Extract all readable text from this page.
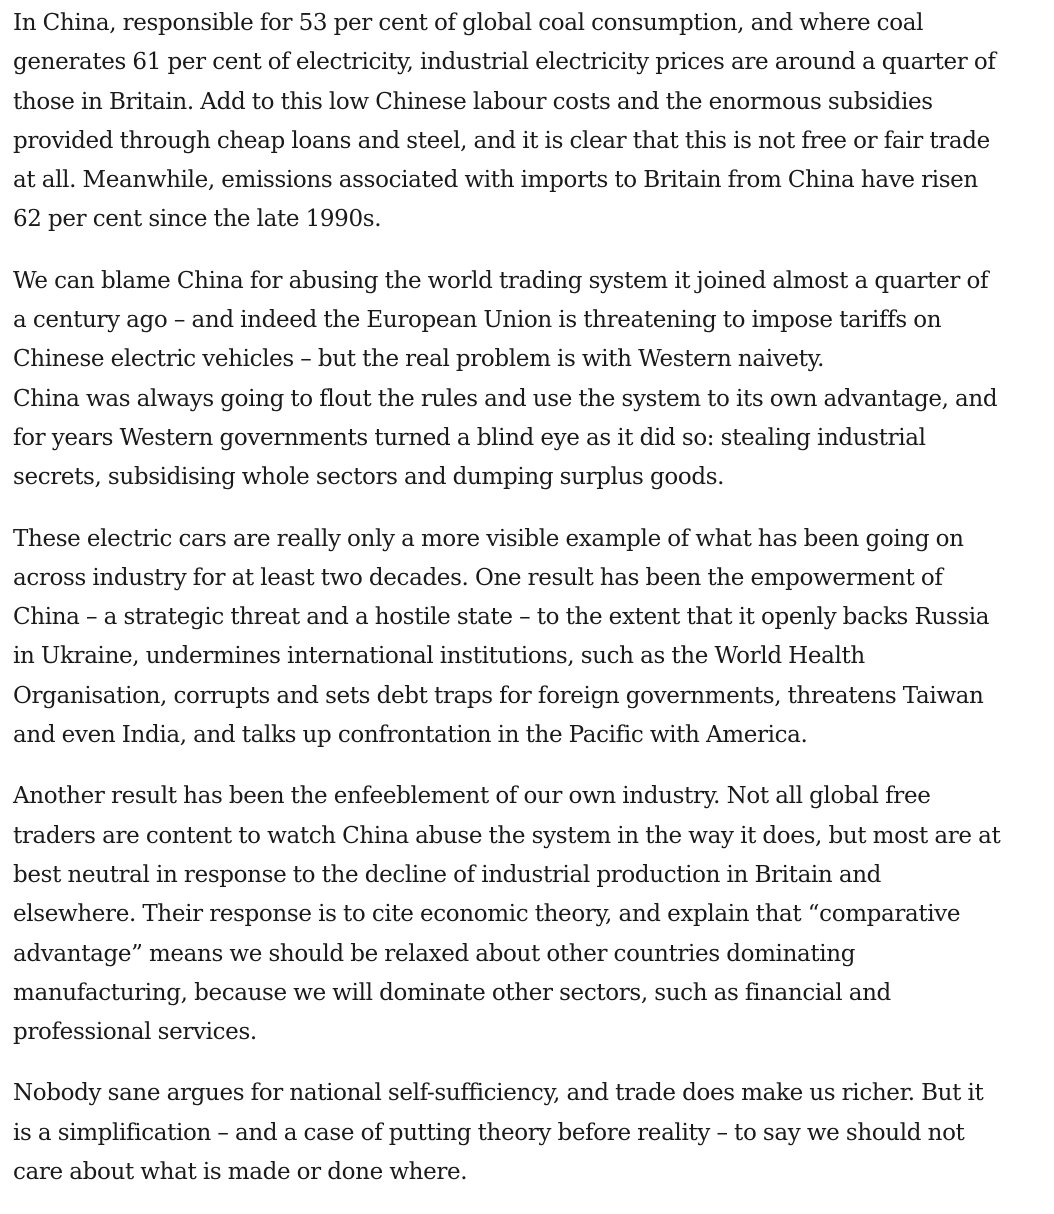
In China, responsible for 53 per cent of global coal consumption, and where coal
generates 61 per cent of electricity, industrial electricity prices are around a quarter of
those in Britain. Add to this low Chinese labour costs and the enormous subsidies
provided through cheap loans and steel, and it is clear that this is not free or fair trade
at all. Meanwhile, emissions associated with imports to Britain from China have risen
62 per cent since the late 1990s.

We can blame China for abusing the world trading system it joined almost a quarter of
a century ago – and indeed the European Union is threatening to impose tariffs on
Chinese electric vehicles – but the real problem is with Western naivety.
China was always going to flout the rules and use the system to its own advantage, and
for years Western governments turned a blind eye as it did so: stealing industrial
secrets, subsidising whole sectors and dumping surplus goods.

These electric cars are really only a more visible example of what has been going on
across industry for at least two decades. One result has been the empowerment of
China – a strategic threat and a hostile state – to the extent that it openly backs Russia
in Ukraine, undermines international institutions, such as the World Health
Organisation, corrupts and sets debt traps for foreign governments, threatens Taiwan
and even India, and talks up confrontation in the Pacific with America.

Another result has been the enfeeblement of our own industry. Not all global free
traders are content to watch China abuse the system in the way it does, but most are at
best neutral in response to the decline of industrial production in Britain and
elsewhere. Their response is to cite economic theory, and explain that “comparative
advantage” means we should be relaxed about other countries dominating
manufacturing, because we will dominate other sectors, such as financial and
professional services.

Nobody sane argues for national self-sufficiency, and trade does make us richer. But it
is a simplification – and a case of putting theory before reality – to say we should not
care about what is made or done where.
